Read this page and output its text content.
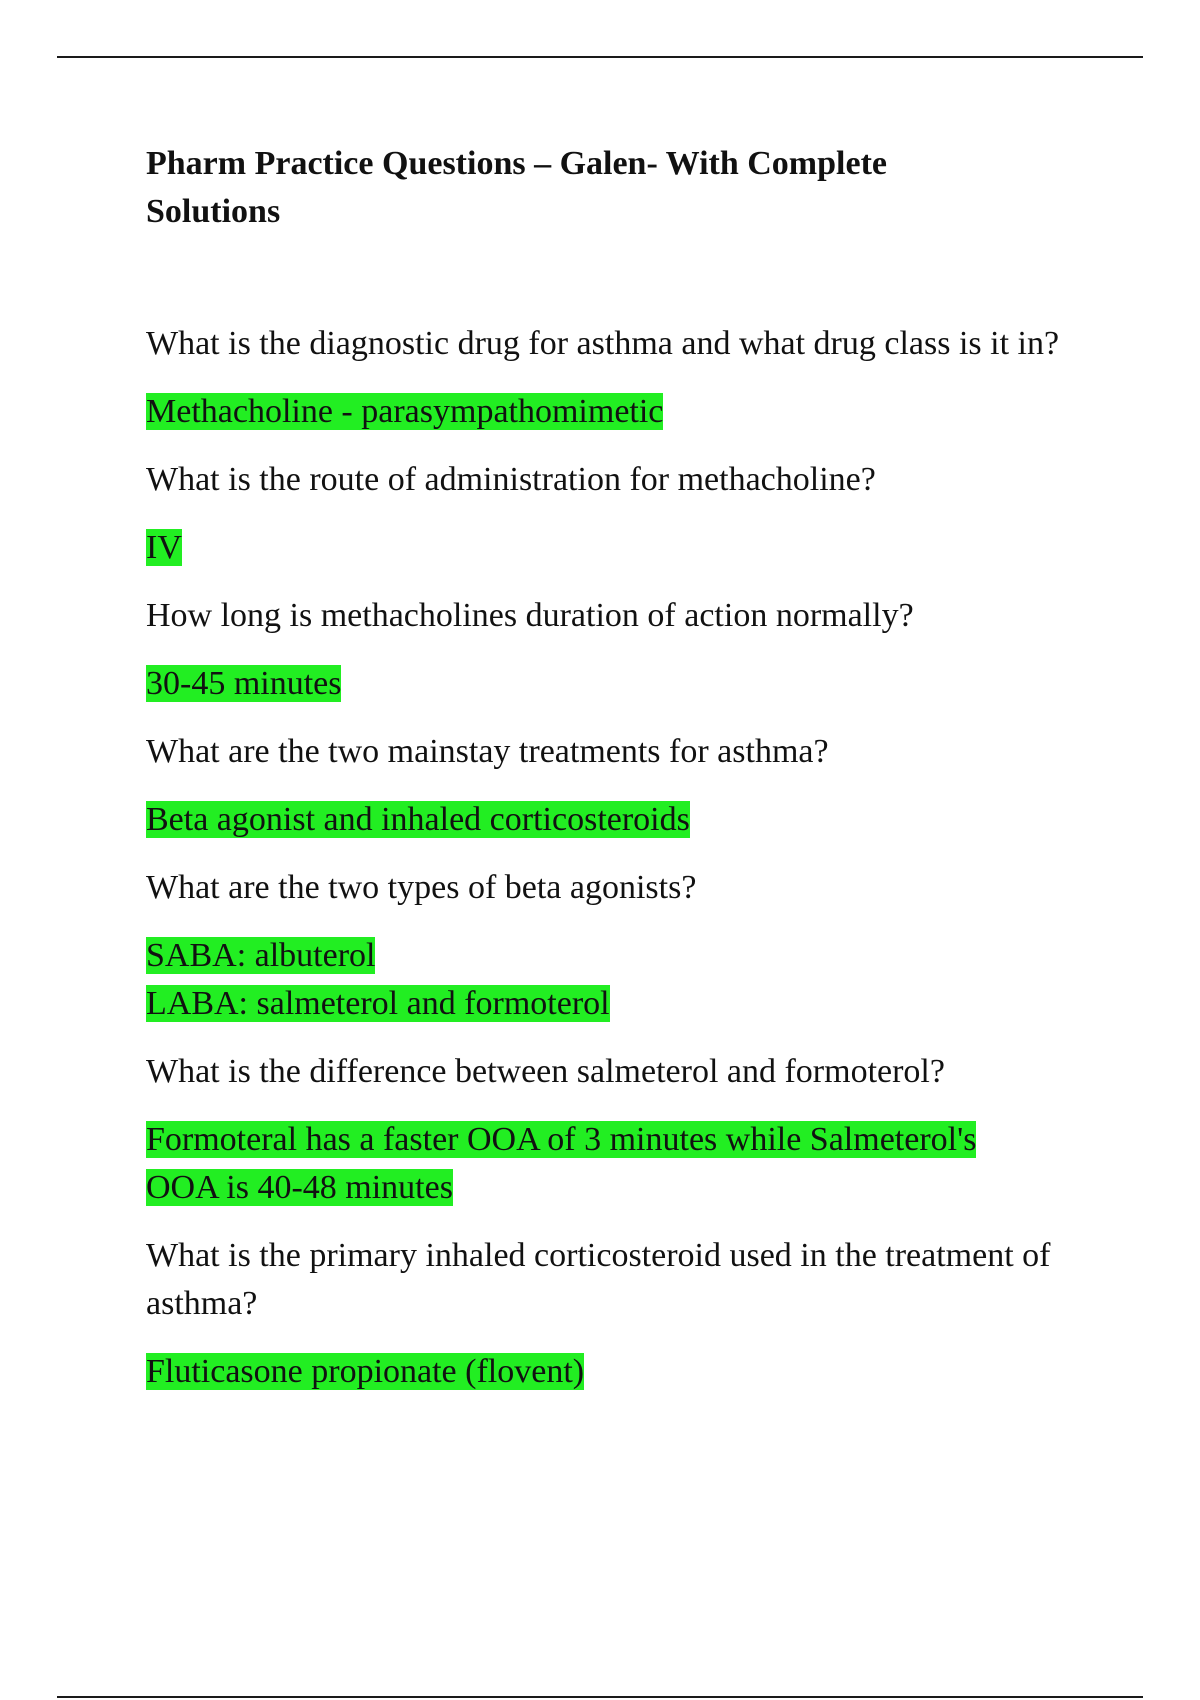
Pharm Practice Questions – Galen- With Complete Solutions

What is the diagnostic drug for asthma and what drug class is it in?

Methacholine - parasympathomimetic

What is the route of administration for methacholine?

IV

How long is methacholines duration of action normally?

30-45 minutes

What are the two mainstay treatments for asthma?

Beta agonist and inhaled corticosteroids

What are the two types of beta agonists?

SABA: albuterol
LABA: salmeterol and formoterol

What is the difference between salmeterol and formoterol?

Formoteral has a faster OOA of 3 minutes while Salmeterol's
OOA is 40-48 minutes

What is the primary inhaled corticosteroid used in the treatment of asthma?

Fluticasone propionate (flovent)
